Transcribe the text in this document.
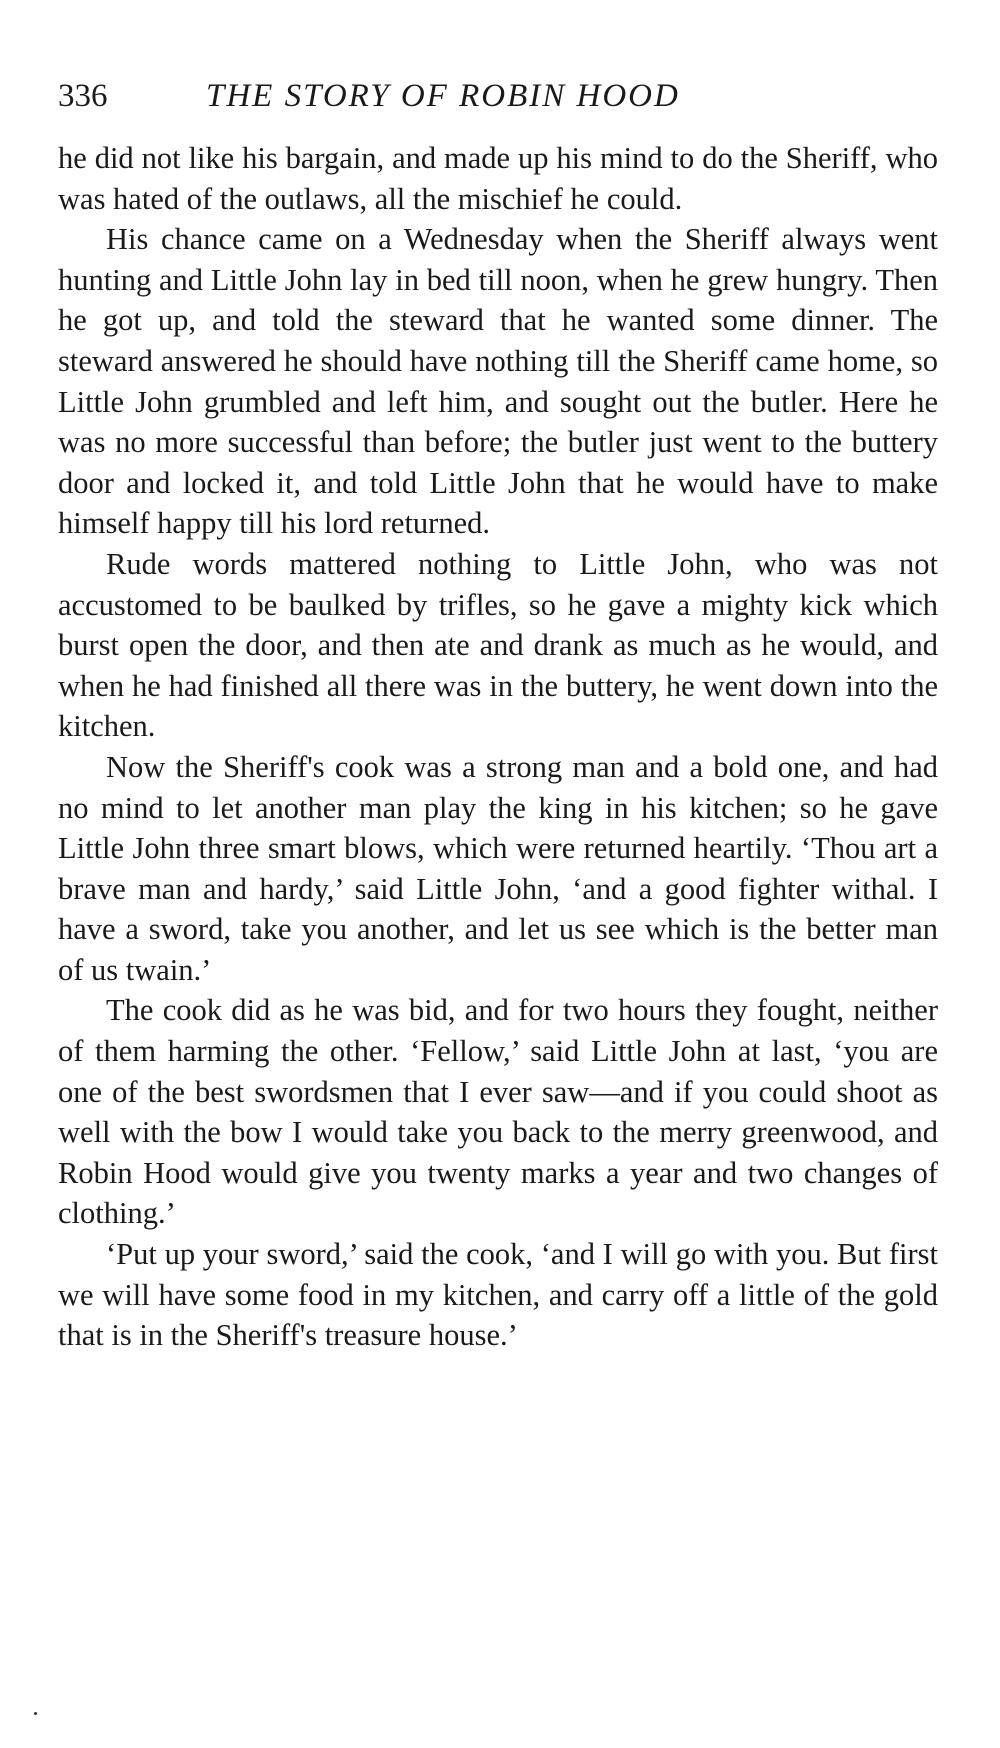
336	THE STORY OF ROBIN HOOD

he did not like his bargain, and made up his mind to do the Sheriff, who was hated of the outlaws, all the mischief he could.

His chance came on a Wednesday when the Sheriff always went hunting and Little John lay in bed till noon, when he grew hungry. Then he got up, and told the steward that he wanted some dinner. The steward answered he should have nothing till the Sheriff came home, so Little John grumbled and left him, and sought out the butler. Here he was no more successful than before; the butler just went to the buttery door and locked it, and told Little John that he would have to make himself happy till his lord returned.

Rude words mattered nothing to Little John, who was not accustomed to be baulked by trifles, so he gave a mighty kick which burst open the door, and then ate and drank as much as he would, and when he had finished all there was in the buttery, he went down into the kitchen.

Now the Sheriff's cook was a strong man and a bold one, and had no mind to let another man play the king in his kitchen; so he gave Little John three smart blows, which were returned heartily. ‘Thou art a brave man and hardy,’ said Little John, ‘and a good fighter withal. I have a sword, take you another, and let us see which is the better man of us twain.’

The cook did as he was bid, and for two hours they fought, neither of them harming the other. ‘Fellow,’ said Little John at last, ‘you are one of the best swordsmen that I ever saw—and if you could shoot as well with the bow I would take you back to the merry greenwood, and Robin Hood would give you twenty marks a year and two changes of clothing.’

‘Put up your sword,’ said the cook, ‘and I will go with you. But first we will have some food in my kitchen, and carry off a little of the gold that is in the Sheriff's treasure house.’
